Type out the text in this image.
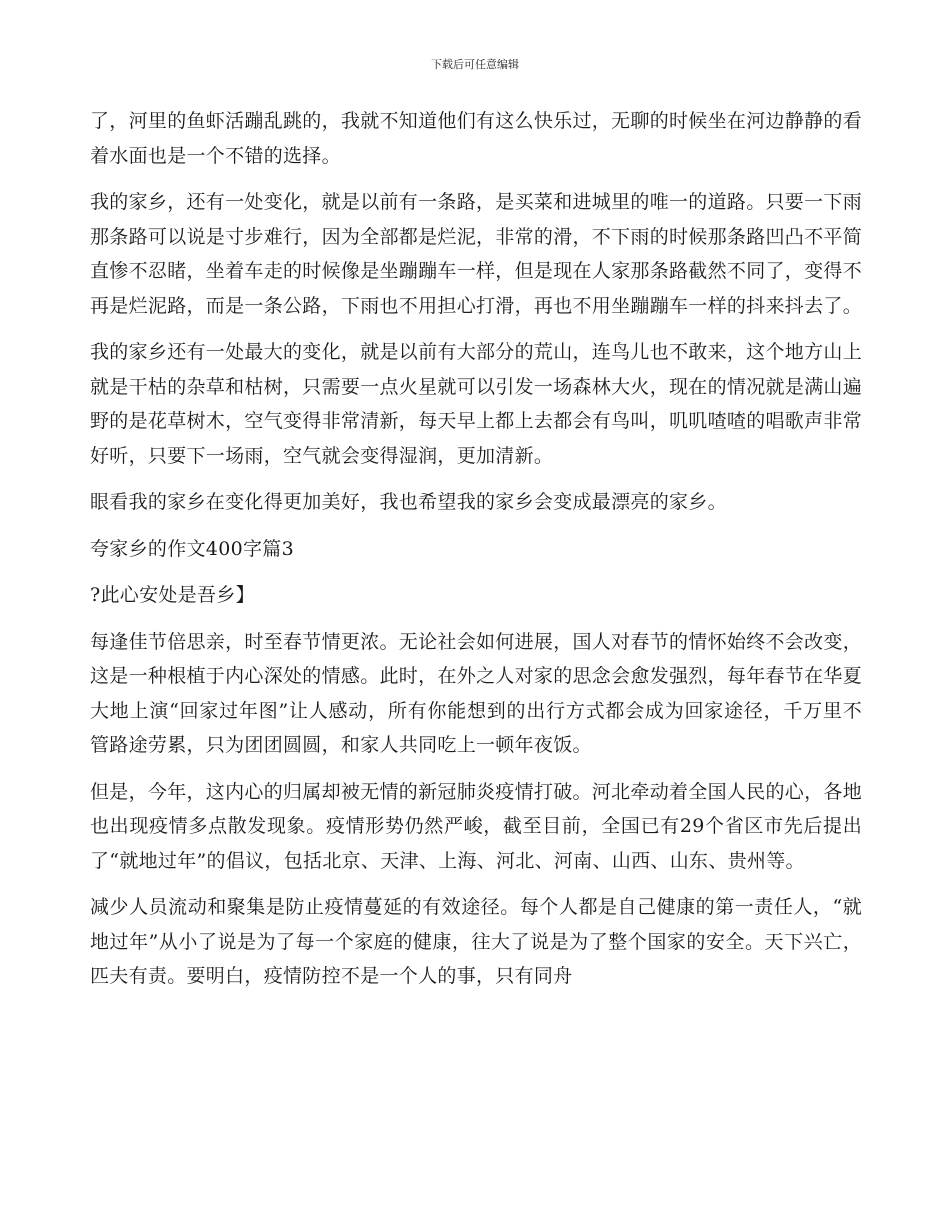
下载后可任意编辑

了，河里的鱼虾活蹦乱跳的，我就不知道他们有这么快乐过，无聊的时候坐在河边静静的看着水面也是一个不错的选择。

我的家乡，还有一处变化，就是以前有一条路，是买菜和进城里的唯一的道路。只要一下雨那条路可以说是寸步难行，因为全部都是烂泥，非常的滑，不下雨的时候那条路凹凸不平简直惨不忍睹，坐着车走的时候像是坐蹦蹦车一样，但是现在人家那条路截然不同了，变得不再是烂泥路，而是一条公路，下雨也不用担心打滑，再也不用坐蹦蹦车一样的抖来抖去了。

我的家乡还有一处最大的变化，就是以前有大部分的荒山，连鸟儿也不敢来，这个地方山上就是干枯的杂草和枯树，只需要一点火星就可以引发一场森林大火，现在的情况就是满山遍野的是花草树木，空气变得非常清新，每天早上都上去都会有鸟叫，叽叽喳喳的唱歌声非常好听，只要下一场雨，空气就会变得湿润，更加清新。

眼看我的家乡在变化得更加美好，我也希望我的家乡会变成最漂亮的家乡。

夸家乡的作文400字篇3

?此心安处是吾乡】

每逢佳节倍思亲，时至春节情更浓。无论社会如何进展，国人对春节的情怀始终不会改变，这是一种根植于内心深处的情感。此时，在外之人对家的思念会愈发强烈，每年春节在华夏大地上演“回家过年图”让人感动，所有你能想到的出行方式都会成为回家途径，千万里不管路途劳累，只为团团圆圆，和家人共同吃上一顿年夜饭。

但是，今年，这内心的归属却被无情的新冠肺炎疫情打破。河北牵动着全国人民的心，各地也出现疫情多点散发现象。疫情形势仍然严峻，截至目前，全国已有29个省区市先后提出了“就地过年”的倡议，包括北京、天津、上海、河北、河南、山西、山东、贵州等。

减少人员流动和聚集是防止疫情蔓延的有效途径。每个人都是自己健康的第一责任人，“就地过年”从小了说是为了每一个家庭的健康，往大了说是为了整个国家的安全。天下兴亡，匹夫有责。要明白，疫情防控不是一个人的事，只有同舟
